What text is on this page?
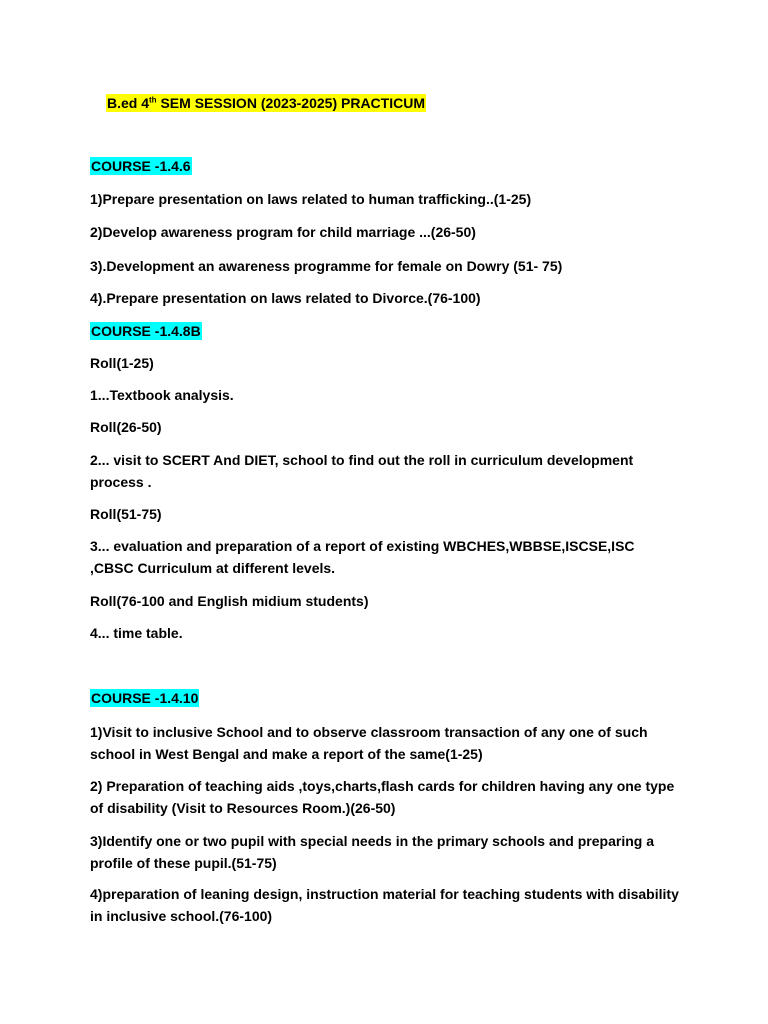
B.ed 4th SEM SESSION (2023-2025) PRACTICUM
COURSE -1.4.6
1)Prepare presentation on laws related to human trafficking..(1-25)
2)Develop awareness program for child marriage ...(26-50)
3).Development an awareness programme for female on Dowry (51- 75)
4).Prepare presentation on laws related to Divorce.(76-100)
COURSE -1.4.8B
Roll(1-25)
1...Textbook analysis.
Roll(26-50)
2... visit to SCERT And DIET, school to find out the roll in curriculum development process .
Roll(51-75)
3... evaluation and preparation of a report of existing WBCHES,WBBSE,ISCSE,ISC ,CBSC Curriculum at different levels.
Roll(76-100 and English midium students)
4... time table.
COURSE -1.4.10
1)Visit to inclusive School and to observe classroom transaction of any one of such school in West Bengal and make a report of the same(1-25)
2) Preparation of teaching aids ,toys,charts,flash cards for children having any one type of disability (Visit to Resources Room.)(26-50)
3)Identify one or two pupil with special needs in the primary schools and preparing a profile of these pupil.(51-75)
4)preparation of leaning design, instruction material for teaching students with disability in inclusive school.(76-100)
